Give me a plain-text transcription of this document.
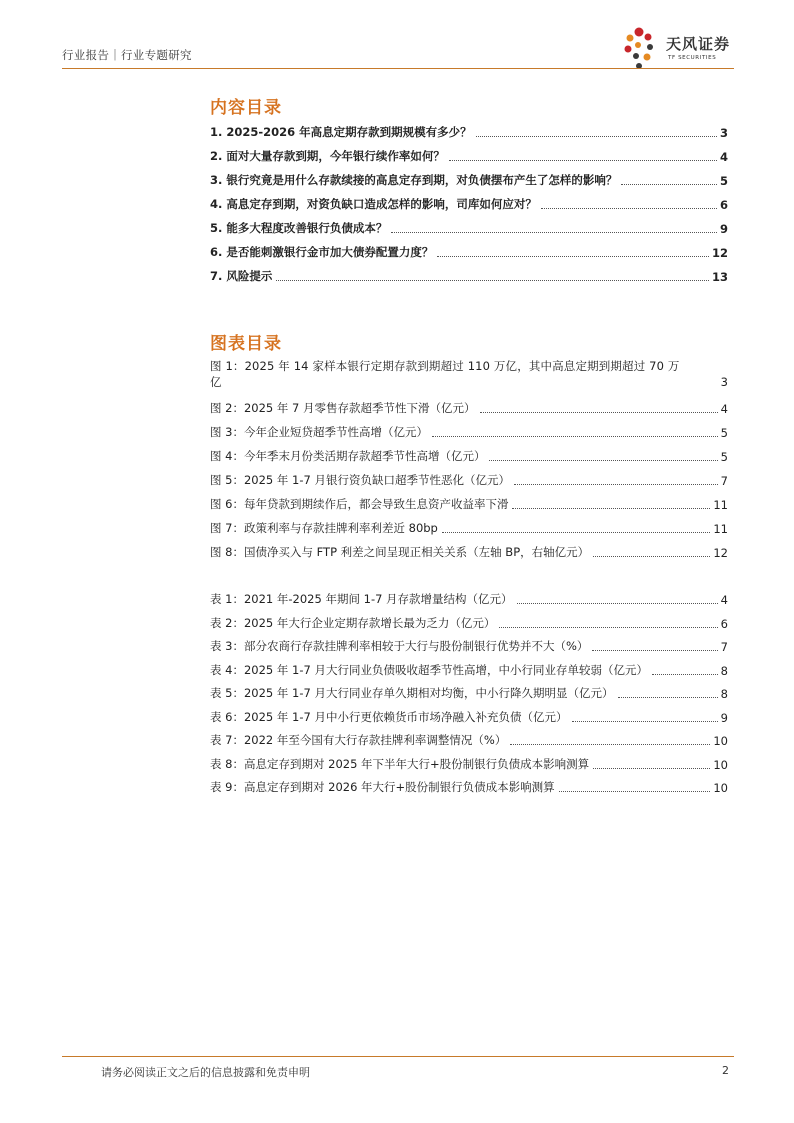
行业报告｜行业专题研究
天风证券
TF SECURITIES
内容目录
1. 2025-2026 年高息定期存款到期规模有多少？	3
2. 面对大量存款到期，今年银行续作率如何？	4
3. 银行究竟是用什么存款续接的高息定存到期，对负债摆布产生了怎样的影响？	5
4. 高息定存到期，对资负缺口造成怎样的影响，司库如何应对？	6
5. 能多大程度改善银行负债成本？	9
6. 是否能刺激银行金市加大债券配置力度？	12
7. 风险提示	13
图表目录
图 1：2025 年 14 家样本银行定期存款到期超过 110 万亿，其中高息定期到期超过 70 万
亿	3
图 2：2025 年 7 月零售存款超季节性下滑（亿元）	4
图 3：今年企业短贷超季节性高增（亿元）	5
图 4：今年季末月份类活期存款超季节性高增（亿元）	5
图 5：2025 年 1-7 月银行资负缺口超季节性恶化（亿元）	7
图 6：每年贷款到期续作后，都会导致生息资产收益率下滑	11
图 7：政策利率与存款挂牌利率利差近 80bp	11
图 8：国债净买入与 FTP 利差之间呈现正相关关系（左轴 BP，右轴亿元）	12
表 1：2021 年-2025 年期间 1-7 月存款增量结构（亿元）	4
表 2：2025 年大行企业定期存款增长最为乏力（亿元）	6
表 3：部分农商行存款挂牌利率相较于大行与股份制银行优势并不大（%）	7
表 4：2025 年 1-7 月大行同业负债吸收超季节性高增，中小行同业存单较弱（亿元）	8
表 5：2025 年 1-7 月大行同业存单久期相对均衡，中小行降久期明显（亿元）	8
表 6：2025 年 1-7 月中小行更依赖货币市场净融入补充负债（亿元）	9
表 7：2022 年至今国有大行存款挂牌利率调整情况（%）	10
表 8：高息定存到期对 2025 年下半年大行+股份制银行负债成本影响测算	10
表 9：高息定存到期对 2026 年大行+股份制银行负债成本影响测算	10
请务必阅读正文之后的信息披露和免责申明	2
